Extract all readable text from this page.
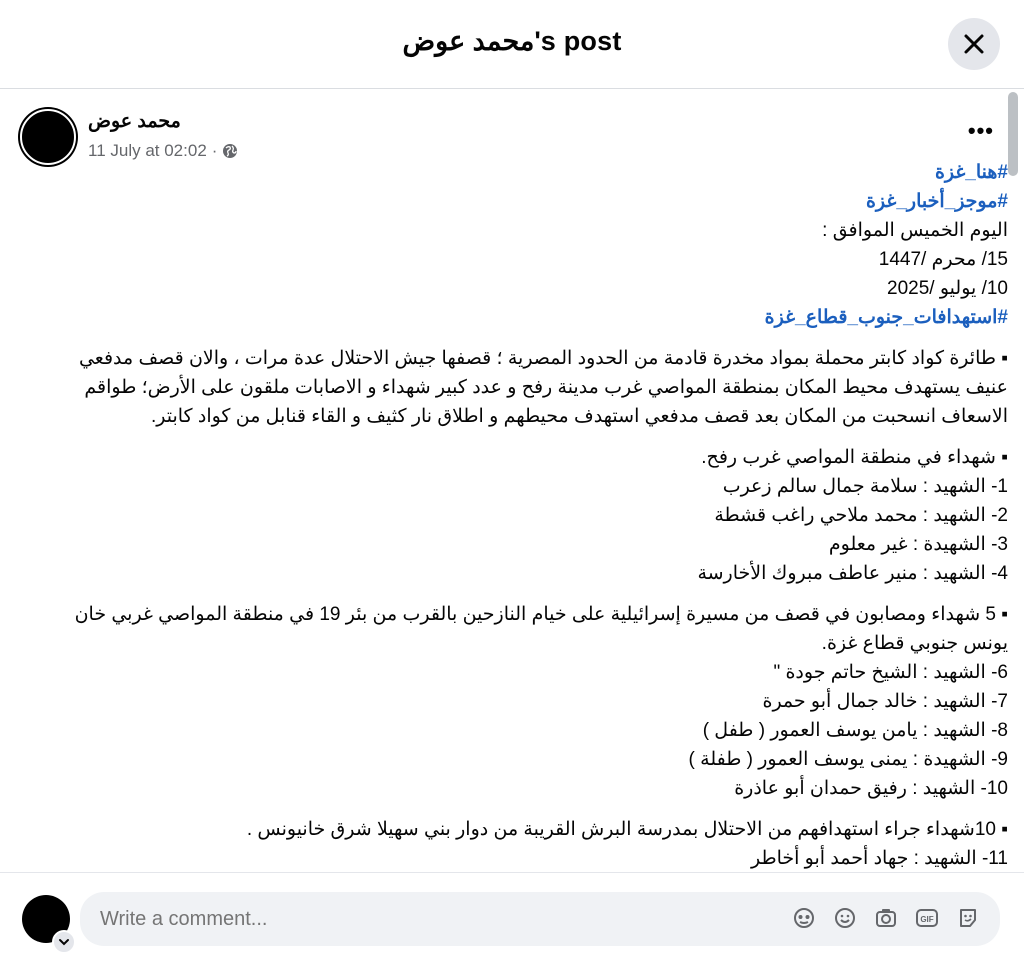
محمد عوض's post
محمد عوض
11 July at 02:02 ·
•••
#هنا_غزة
#موجز_أخبار_غزة
اليوم الخميس الموافق :
15/ محرم /1447
10/ يوليو /2025
#استهدافات_جنوب_قطاع_غزة
▪︎ طائرة كواد كابتر محملة بمواد مخدرة قادمة من الحدود المصرية ؛ قصفها جيش الاحتلال عدة مرات ، والان قصف مدفعي عنيف يستهدف محيط المكان بمنطقة المواصي غرب مدينة رفح و عدد كبير شهداء و الاصابات ملقون على الأرض؛ طواقم الاسعاف انسحبت من المكان بعد قصف مدفعي استهدف محيطهم و اطلاق نار كثيف و القاء قنابل من كواد كابتر.
▪︎ شهداء في منطقة المواصي غرب رفح.
1- الشهيد : سلامة جمال سالم زعرب
2- الشهيد : محمد ملاحي راغب قشطة
3- الشهيدة : غير معلوم
4- الشهيد : منير عاطف مبروك الأخارسة
▪︎ 5 شهداء ومصابون في قصف من مسيرة إسرائيلية على خيام النازحين بالقرب من بئر 19 في منطقة المواصي غربي خان يونس جنوبي قطاع غزة.
6- الشهيد : الشيخ حاتم جودة "
7- الشهيد : خالد جمال أبو حمرة
8- الشهيد : يامن يوسف العمور ( طفل )
9- الشهيدة : يمنى يوسف العمور ( طفلة )
10- الشهيد : رفيق حمدان أبو عاذرة
▪︎ 10شهداء جراء استهدافهم من الاحتلال بمدرسة البرش القريبة من دوار بني سهيلا شرق خانيونس .
11- الشهيد : جهاد أحمد أبو أخاطر
Write a comment...
GIF
